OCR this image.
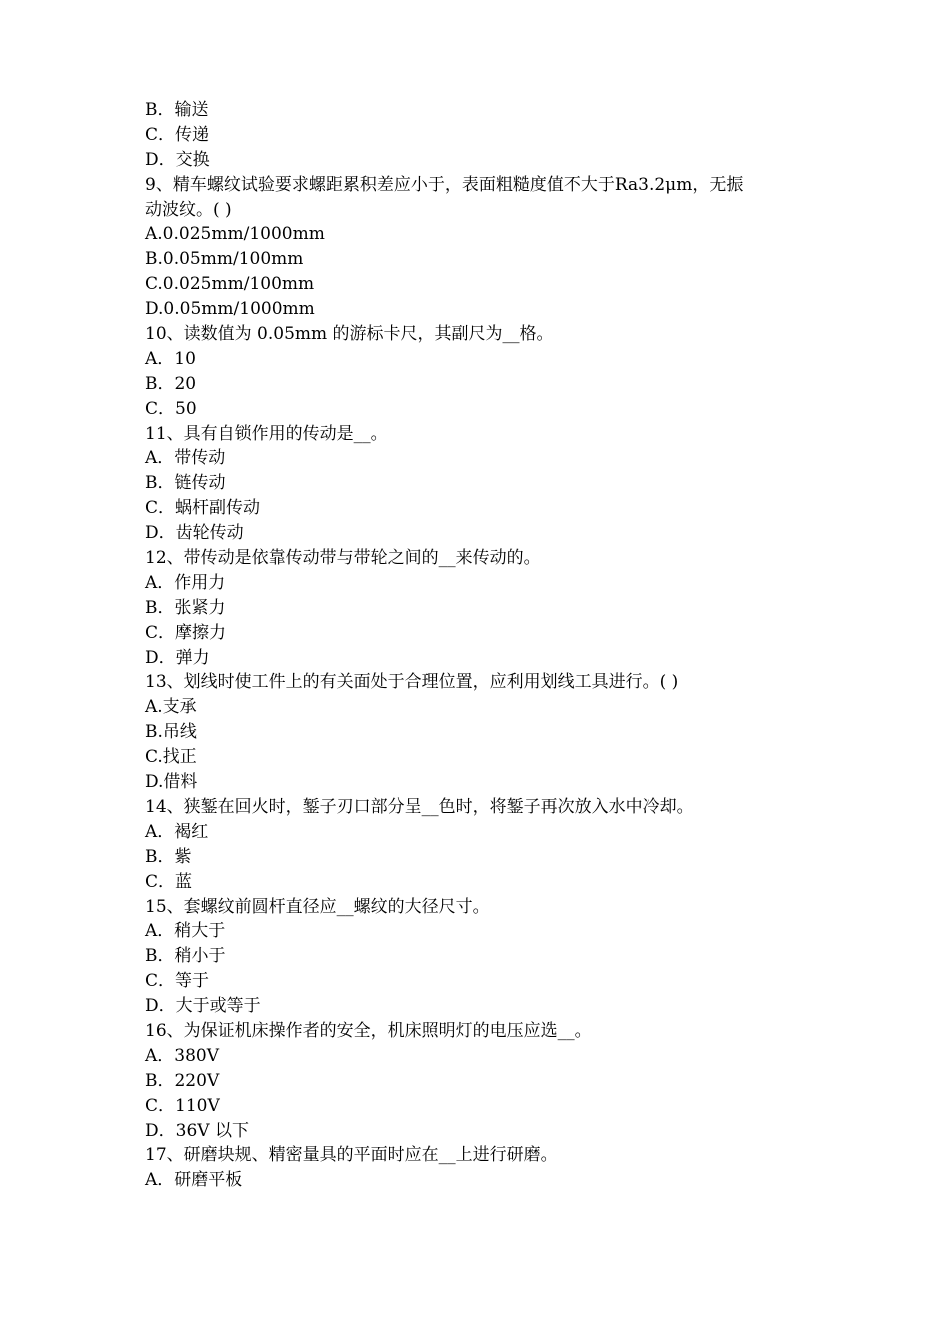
B．输送

C．传递

D．交换

9、精车螺纹试验要求螺距累积差应小于，表面粗糙度值不大于Ra3.2μm，无振

动波纹。( )

A.0.025mm/1000mm

B.0.05mm/100mm

C.0.025mm/100mm

D.0.05mm/1000mm

10、读数值为 0.05mm 的游标卡尺，其副尺为__格。

A．10

B．20

C．50

11、具有自锁作用的传动是__。

A．带传动

B．链传动

C．蜗杆副传动

D．齿轮传动

12、带传动是依靠传动带与带轮之间的__来传动的。

A．作用力

B．张紧力

C．摩擦力

D．弹力

13、划线时使工件上的有关面处于合理位置，应利用划线工具进行。( )

A.支承

B.吊线

C.找正

D.借料

14、狭錾在回火时，錾子刃口部分呈__色时，将錾子再次放入水中冷却。

A．褐红

B．紫

C．蓝

15、套螺纹前圆杆直径应__螺纹的大径尺寸。

A．稍大于

B．稍小于

C．等于

D．大于或等于

16、为保证机床操作者的安全，机床照明灯的电压应选__。

A．380V

B．220V

C．110V

D．36V 以下

17、研磨块规、精密量具的平面时应在__上进行研磨。

A．研磨平板
